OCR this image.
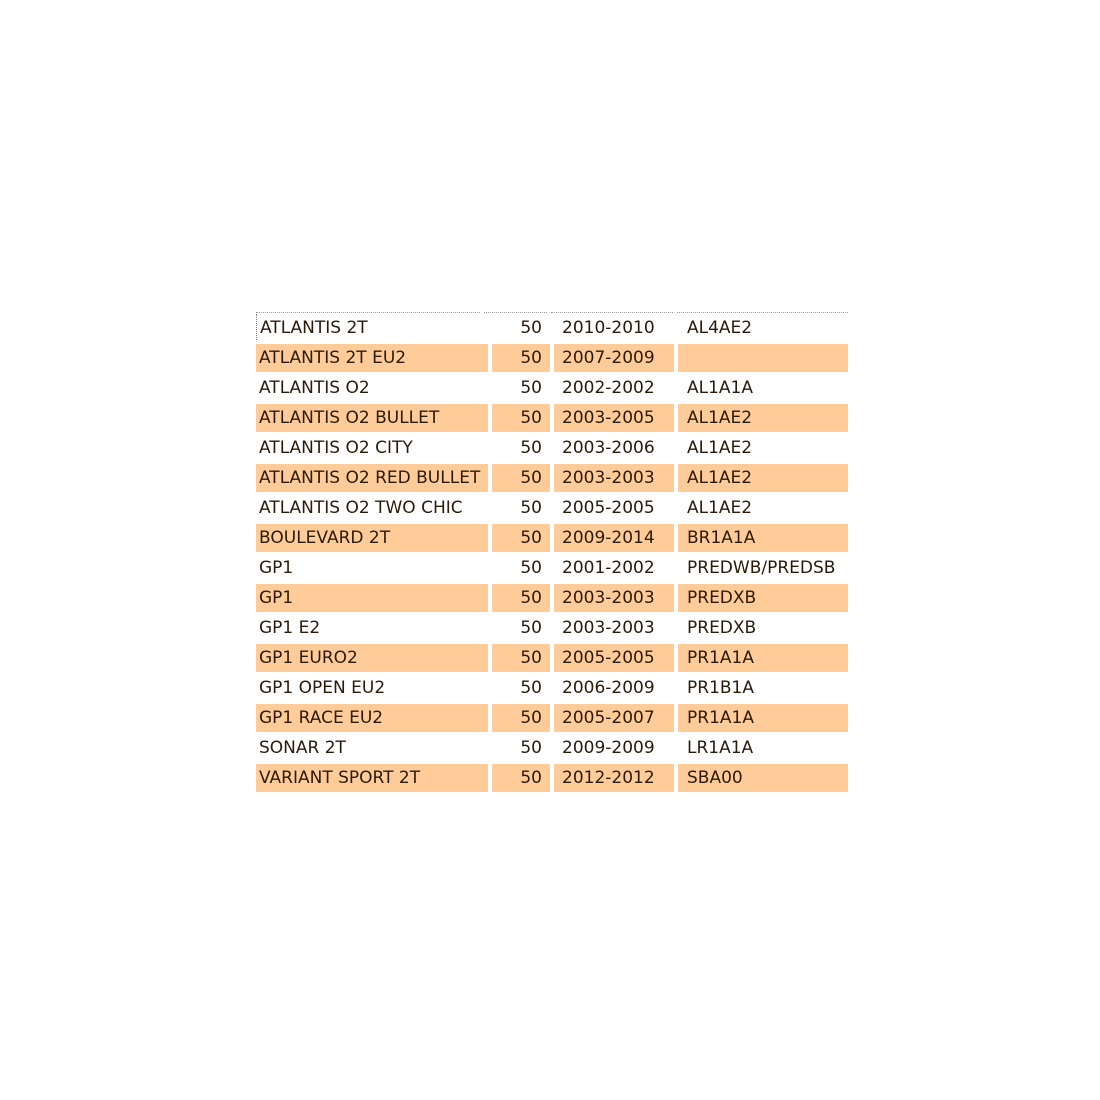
ATLANTIS 2T	50	2010-2010	AL4AE2
ATLANTIS 2T EU2	50	2007-2009
ATLANTIS O2	50	2002-2002	AL1A1A
ATLANTIS O2 BULLET	50	2003-2005	AL1AE2
ATLANTIS O2 CITY	50	2003-2006	AL1AE2
ATLANTIS O2 RED BULLET	50	2003-2003	AL1AE2
ATLANTIS O2 TWO CHIC	50	2005-2005	AL1AE2
BOULEVARD 2T	50	2009-2014	BR1A1A
GP1	50	2001-2002	PREDWB/PREDSB
GP1	50	2003-2003	PREDXB
GP1 E2	50	2003-2003	PREDXB
GP1 EURO2	50	2005-2005	PR1A1A
GP1 OPEN EU2	50	2006-2009	PR1B1A
GP1 RACE EU2	50	2005-2007	PR1A1A
SONAR 2T	50	2009-2009	LR1A1A
VARIANT SPORT 2T	50	2012-2012	SBA00
